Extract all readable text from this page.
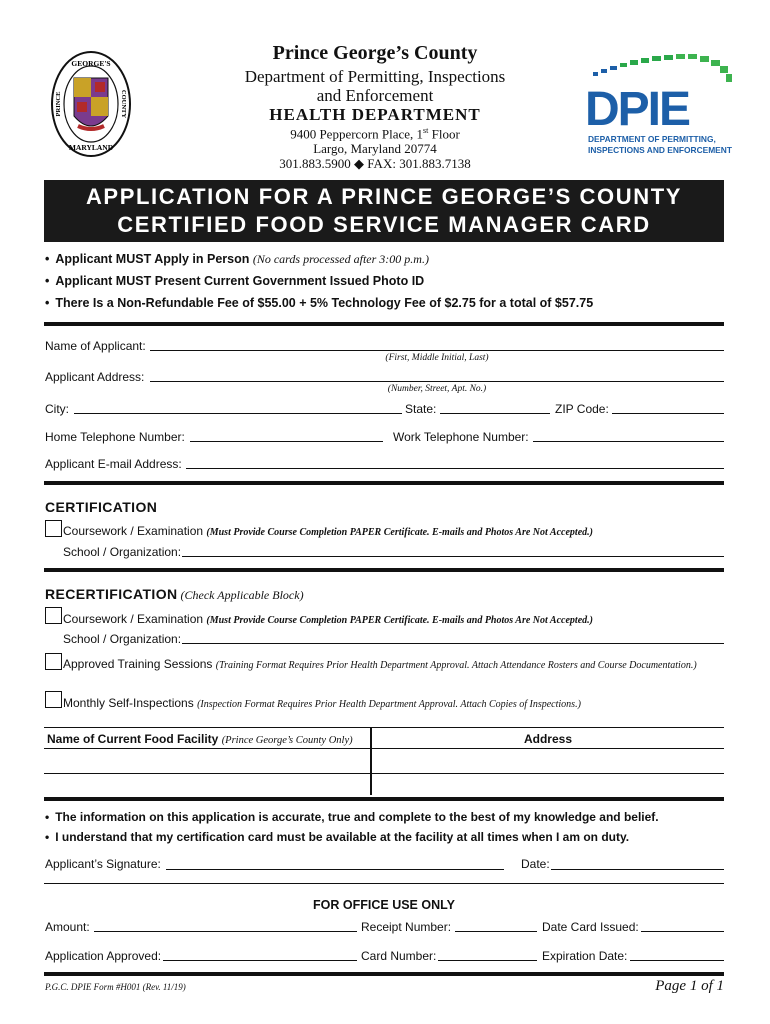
GEORGE'S
MARYLAND
PRINCE	COUNTY
Prince George’s County
Department of Permitting, Inspections
and Enforcement
HEALTH DEPARTMENT
9400 Peppercorn Place, 1st Floor
Largo, Maryland 20774
301.883.5900 ◆ FAX: 301.883.7138
DPIE
DEPARTMENT OF PERMITTING,
INSPECTIONS AND ENFORCEMENT
APPLICATION FOR A PRINCE GEORGE’S COUNTY
CERTIFIED FOOD SERVICE MANAGER CARD
• Applicant MUST Apply in Person (No cards processed after 3:00 p.m.)
• Applicant MUST Present Current Government Issued Photo ID
• There Is a Non-Refundable Fee of $55.00 + 5% Technology Fee of $2.75 for a total of $57.75
Name of Applicant:
(First, Middle Initial, Last)
Applicant Address:
(Number, Street, Apt. No.)
City:	State:	ZIP Code:
Home Telephone Number:	Work Telephone Number:
Applicant E-mail Address:
CERTIFICATION
Coursework / Examination (Must Provide Course Completion PAPER Certificate. E-mails and Photos Are Not Accepted.)
School / Organization:
RECERTIFICATION (Check Applicable Block)
Coursework / Examination (Must Provide Course Completion PAPER Certificate. E-mails and Photos Are Not Accepted.)
School / Organization:
Approved Training Sessions (Training Format Requires Prior Health Department Approval. Attach Attendance Rosters and Course Documentation.)
Monthly Self-Inspections (Inspection Format Requires Prior Health Department Approval. Attach Copies of Inspections.)
Name of Current Food Facility (Prince George’s County Only)	Address
• The information on this application is accurate, true and complete to the best of my knowledge and belief.
• I understand that my certification card must be available at the facility at all times when I am on duty.
Applicant’s Signature:	Date:
FOR OFFICE USE ONLY
Amount:	Receipt Number:	Date Card Issued:
Application Approved:	Card Number:	Expiration Date:
P.G.C. DPIE Form #H001 (Rev. 11/19)	Page 1 of 1
